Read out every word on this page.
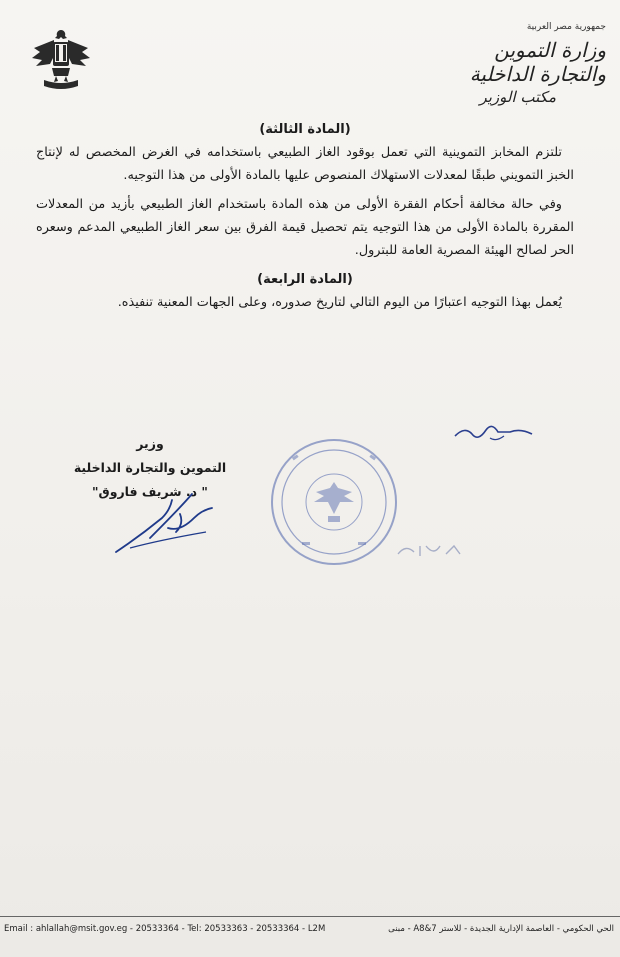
جمهورية مصر العربية
وزارة التموين والتجارة الداخلية
مكتب الوزير
(المادة الثالثة)

تلتزم المخابز التموينية التي تعمل بوقود الغاز الطبيعي باستخدامه في الغرض المخصص له لإنتاج الخبز التمويني طبقًا لمعدلات الاستهلاك المنصوص عليها بالمادة الأولى من هذا التوجيه.

وفي حالة مخالفة أحكام الفقرة الأولى من هذه المادة باستخدام الغاز الطبيعي بأزيد من المعدلات المقررة بالمادة الأولى من هذا التوجيه يتم تحصيل قيمة الفرق بين سعر الغاز الطبيعي المدعم وسعره الحر لصالح الهيئة المصرية العامة للبترول.

(المادة الرابعة)

يُعمل بهذا التوجيه اعتبارًا من اليوم التالي لتاريخ صدوره، وعلى الجهات المعنية تنفيذه.

وزير
التموين والتجارة الداخلية
" د. شريف فاروق"
Email : ahlallah@msit.gov.eg - 20533364 - Tel: 20533363 - 20533364 - L2M	الحي الحكومي - العاصمة الإدارية الجديدة - للاستر A8&7 - مبنى
